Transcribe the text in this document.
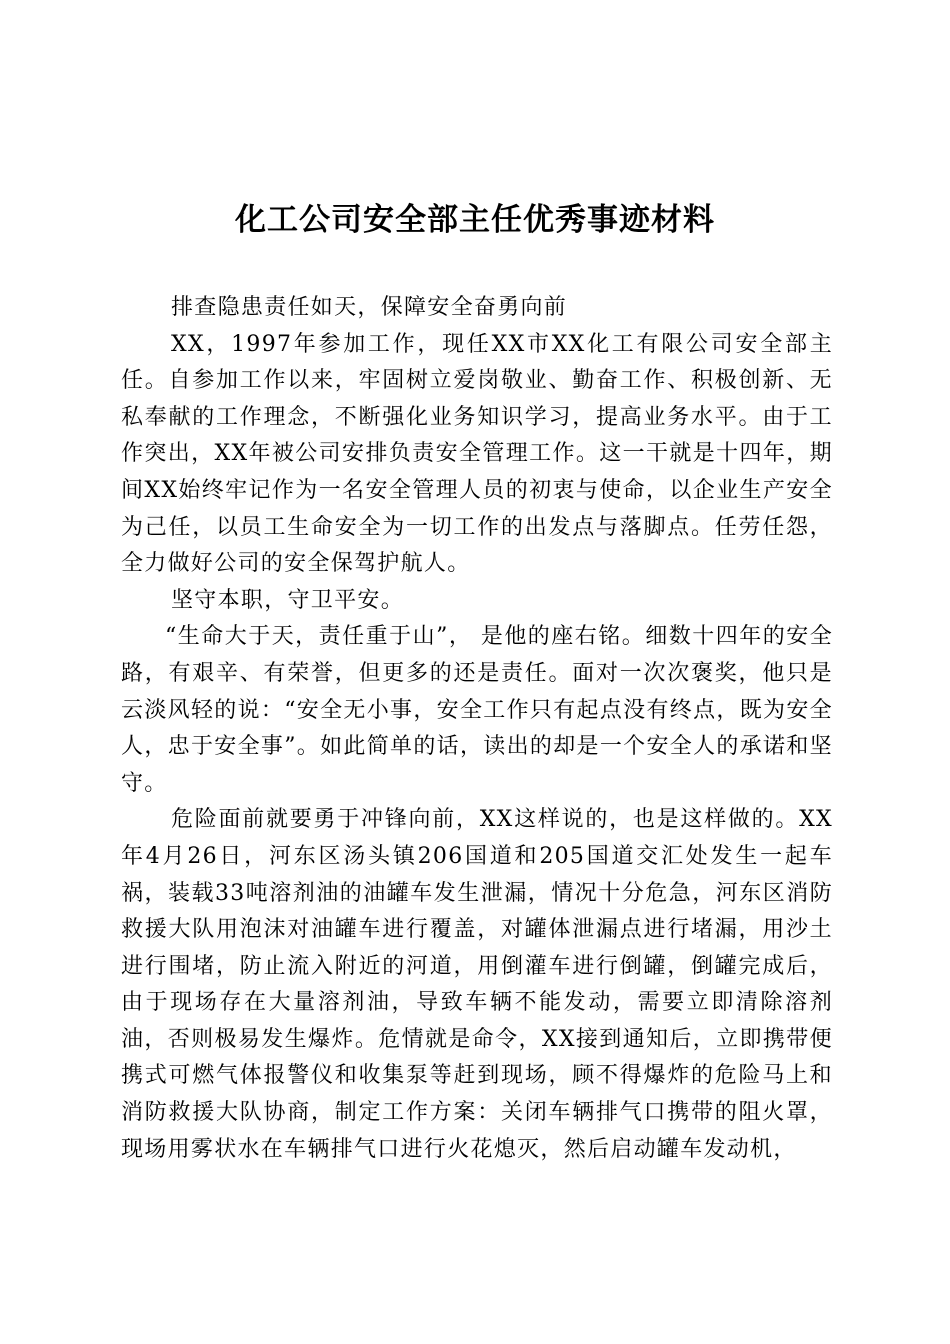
化工公司安全部主任优秀事迹材料

排查隐患责任如天，保障安全奋勇向前

XX，1997年参加工作，现任XX市XX化工有限公司安全部主任。自参加工作以来，牢固树立爱岗敬业、勤奋工作、积极创新、无私奉献的工作理念，不断强化业务知识学习，提高业务水平。由于工作突出，XX年被公司安排负责安全管理工作。这一干就是十四年，期间XX始终牢记作为一名安全管理人员的初衷与使命，以企业生产安全为己任，以员工生命安全为一切工作的出发点与落脚点。任劳任怨，全力做好公司的安全保驾护航人。

坚守本职，守卫平安。

“生命大于天，责任重于山”， 是他的座右铭。细数十四年的安全路，有艰辛、有荣誉，但更多的还是责任。面对一次次褒奖，他只是云淡风轻的说：“安全无小事，安全工作只有起点没有终点，既为安全人，忠于安全事”。如此简单的话，读出的却是一个安全人的承诺和坚守。

危险面前就要勇于冲锋向前，XX这样说的，也是这样做的。XX年4月26日，河东区汤头镇206国道和205国道交汇处发生一起车祸，装载33吨溶剂油的油罐车发生泄漏，情况十分危急，河东区消防救援大队用泡沫对油罐车进行覆盖，对罐体泄漏点进行堵漏，用沙土进行围堵，防止流入附近的河道，用倒灌车进行倒罐，倒罐完成后，由于现场存在大量溶剂油，导致车辆不能发动，需要立即清除溶剂油，否则极易发生爆炸。危情就是命令，XX接到通知后，立即携带便携式可燃气体报警仪和收集泵等赶到现场，顾不得爆炸的危险马上和消防救援大队协商，制定工作方案：关闭车辆排气口携带的阻火罩，现场用雾状水在车辆排气口进行火花熄灭，然后启动罐车发动机，
